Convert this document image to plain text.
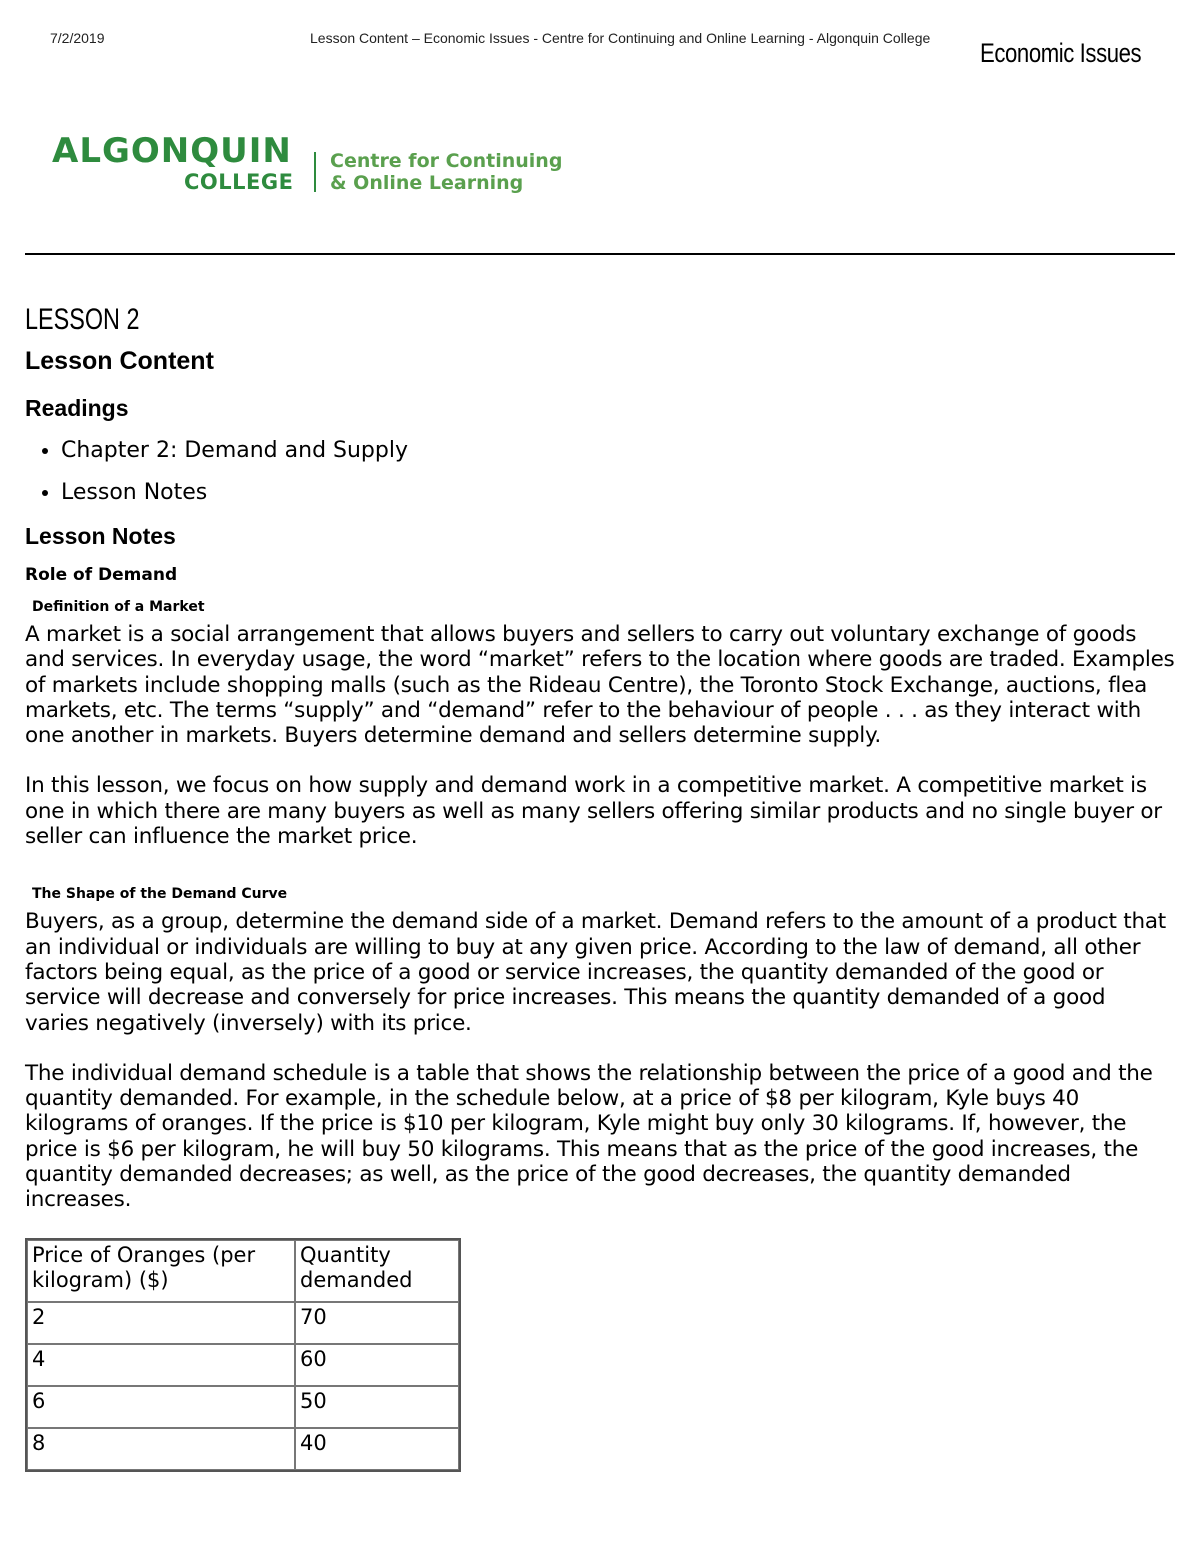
7/2/2019	Lesson Content – Economic Issues - Centre for Continuing and Online Learning - Algonquin College Economic Issues
ALGONQUIN
COLLEGE
Centre for Continuing
& Online Learning
LESSON 2
Lesson Content
Readings
• Chapter 2: Demand and Supply
• Lesson Notes
Lesson Notes
Role of Demand
Definition of a Market

A market is a social arrangement that allows buyers and sellers to carry out voluntary exchange of goods and services. In everyday usage, the word “market” refers to the location where goods are traded. Examples of markets include shopping malls (such as the Rideau Centre), the Toronto Stock Exchange, auctions, flea markets, etc. The terms “supply” and “demand” refer to the behaviour of people . . . as they interact with one another in markets. Buyers determine demand and sellers determine supply.

In this lesson, we focus on how supply and demand work in a competitive market. A competitive market is one in which there are many buyers as well as many sellers offering similar products and no single buyer or seller can influence the market price.

The Shape of the Demand Curve

Buyers, as a group, determine the demand side of a market. Demand refers to the amount of a product that an individual or individuals are willing to buy at any given price. According to the law of demand, all other factors being equal, as the price of a good or service increases, the quantity demanded of the good or service will decrease and conversely for price increases. This means the quantity demanded of a good varies negatively (inversely) with its price.

The individual demand schedule is a table that shows the relationship between the price of a good and the quantity demanded. For example, in the schedule below, at a price of $8 per kilogram, Kyle buys 40 kilograms of oranges. If the price is $10 per kilogram, Kyle might buy only 30 kilograms. If, however, the price is $6 per kilogram, he will buy 50 kilograms. This means that as the price of the good increases, the quantity demanded decreases; as well, as the price of the good decreases, the quantity demanded increases.

Price of Oranges (per kilogram) ($)	Quantity demanded
2	70
4	60
6	50
8	40
